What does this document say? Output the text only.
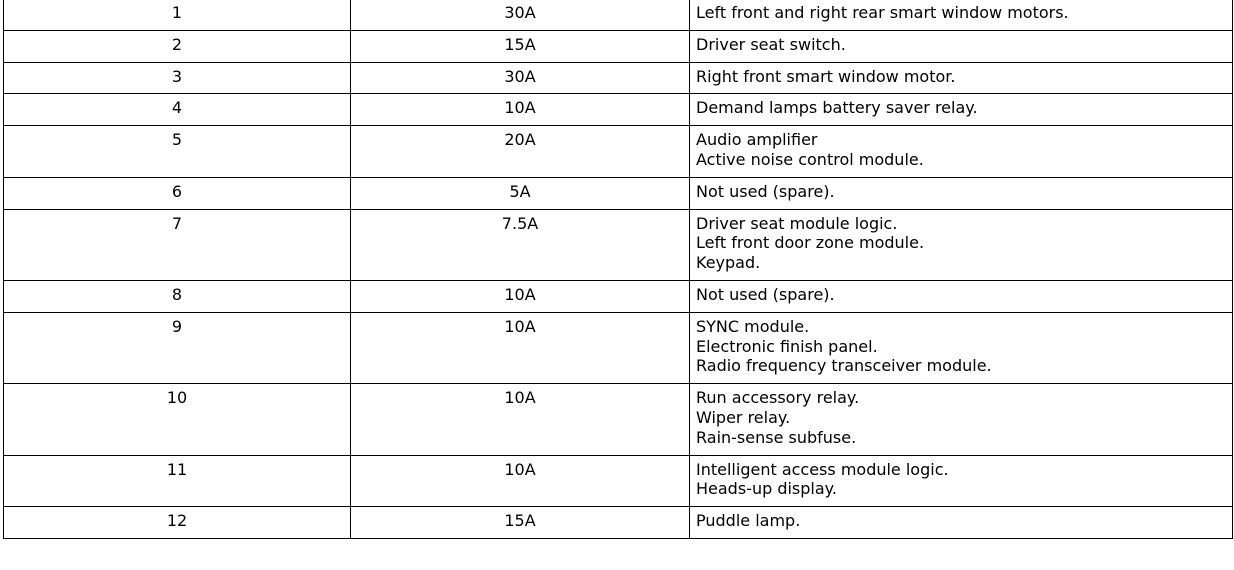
1	30A	Left front and right rear smart window motors.

2	15A	Driver seat switch.

3	30A	Right front smart window motor.

4	10A	Demand lamps battery saver relay.

5	20A	Audio amplifier
Active noise control module.

6	5A	Not used (spare).

7	7.5A	Driver seat module logic.
Left front door zone module.
Keypad.

8	10A	Not used (spare).

9	10A	SYNC module.
Electronic finish panel.
Radio frequency transceiver module.

10	10A	Run accessory relay.
Wiper relay.
Rain-sense subfuse.

11	10A	Intelligent access module logic.
Heads-up display.

12	15A	Puddle lamp.
